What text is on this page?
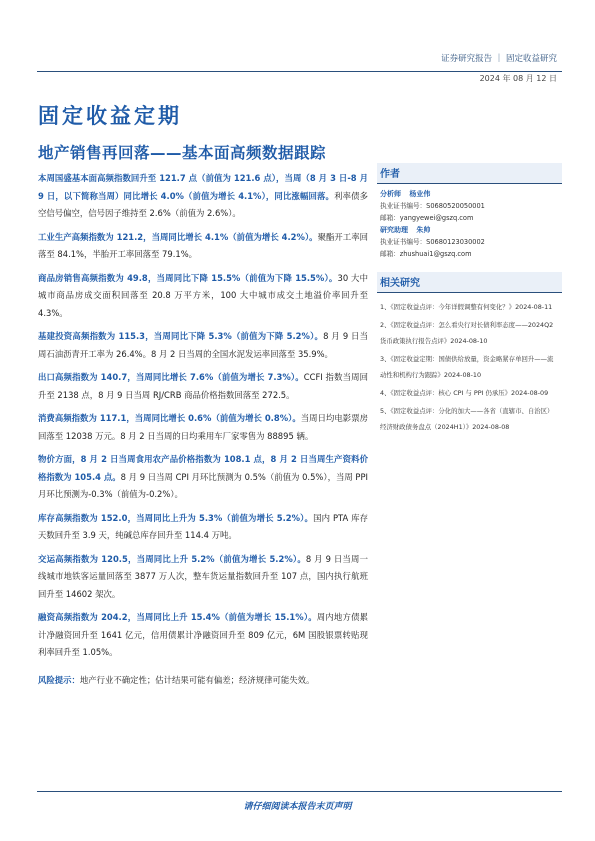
证券研究报告 ｜ 固定收益研究
2024 年 08 月 12 日
固定收益定期
地产销售再回落——基本面高频数据跟踪
本周国盛基本面高频指数回升至 121.7 点（前值为 121.6 点），当周（8 月 3 日-8 月 9 日，以下简称当周）同比增长 4.0%（前值为增长 4.1%），同比涨幅回落。利率债多空信号偏空，信号因子维持至 2.6%（前值为 2.6%）。
工业生产高频指数为 121.2，当周同比增长 4.1%（前值为增长 4.2%）。聚酯开工率回落至 84.1%，半胎开工率回落至 79.1%。
商品房销售高频指数为 49.8，当周同比下降 15.5%（前值为下降 15.5%）。30 大中城市商品房成交面积回落至 20.8 万平方米，100 大中城市成交土地溢价率回升至 4.3%。
基建投资高频指数为 115.3，当周同比下降 5.3%（前值为下降 5.2%）。8 月 9 日当周石油沥青开工率为 26.4%。8 月 2 日当周的全国水泥发运率回落至 35.9%。
出口高频指数为 140.7，当周同比增长 7.6%（前值为增长 7.3%）。CCFI 指数当周回升至 2138 点，8 月 9 日当周 RJ/CRB 商品价格指数回落至 272.5。
消费高频指数为 117.1，当周同比增长 0.6%（前值为增长 0.8%）。当周日均电影票房回落至 12038 万元。8 月 2 日当周的日均乘用车厂家零售为 88895 辆。
物价方面，8 月 2 日当周食用农产品价格指数为 108.1 点，8 月 2 日当周生产资料价格指数为 105.4 点。8 月 9 日当周 CPI 月环比预测为 0.5%（前值为 0.5%），当周 PPI 月环比预测为-0.3%（前值为-0.2%）。
库存高频指数为 152.0，当周同比上升为 5.3%（前值为增长 5.2%）。国内 PTA 库存天数回升至 3.9 天，纯碱总库存回升至 114.4 万吨。
交运高频指数为 120.5，当周同比上升 5.2%（前值为增长 5.2%）。8 月 9 日当周一线城市地铁客运量回落至 3877 万人次，整车货运量指数回升至 107 点，国内执行航班回升至 14602 架次。
融资高频指数为 204.2，当周同比上升 15.4%（前值为增长 15.1%）。周内地方债累计净融资回升至 1641 亿元，信用债累计净融资回升至 809 亿元，6M 国股银票转贴现利率回升至 1.05%。
风险提示：地产行业不确定性；估计结果可能有偏差；经济规律可能失效。
作者
分析师 杨业伟
执业证书编号：S0680520050001
邮箱：yangyewei@gszq.com
研究助理 朱帅
执业证书编号：S0680123030002
邮箱：zhushuai1@gszq.com
相关研究
1、《固定收益点评：今年详假调整有何变化？》2024-08-11
2、《固定收益点评：怎么看央行对长债利率态度——2024Q2 货币政策执行报告点评》2024-08-10
3、《固定收益定期：国债供给放量，资金略紧存单回升——流动性和机构行为跟踪》2024-08-10
4、《固定收益点评：核心 CPI 与 PPI 仍承压》2024-08-09
5、《固定收益点评：分化的加大——各省（直辖市、自治区）经济财政债务盘点（2024H1）》2024-08-08
请仔细阅读本报告末页声明
